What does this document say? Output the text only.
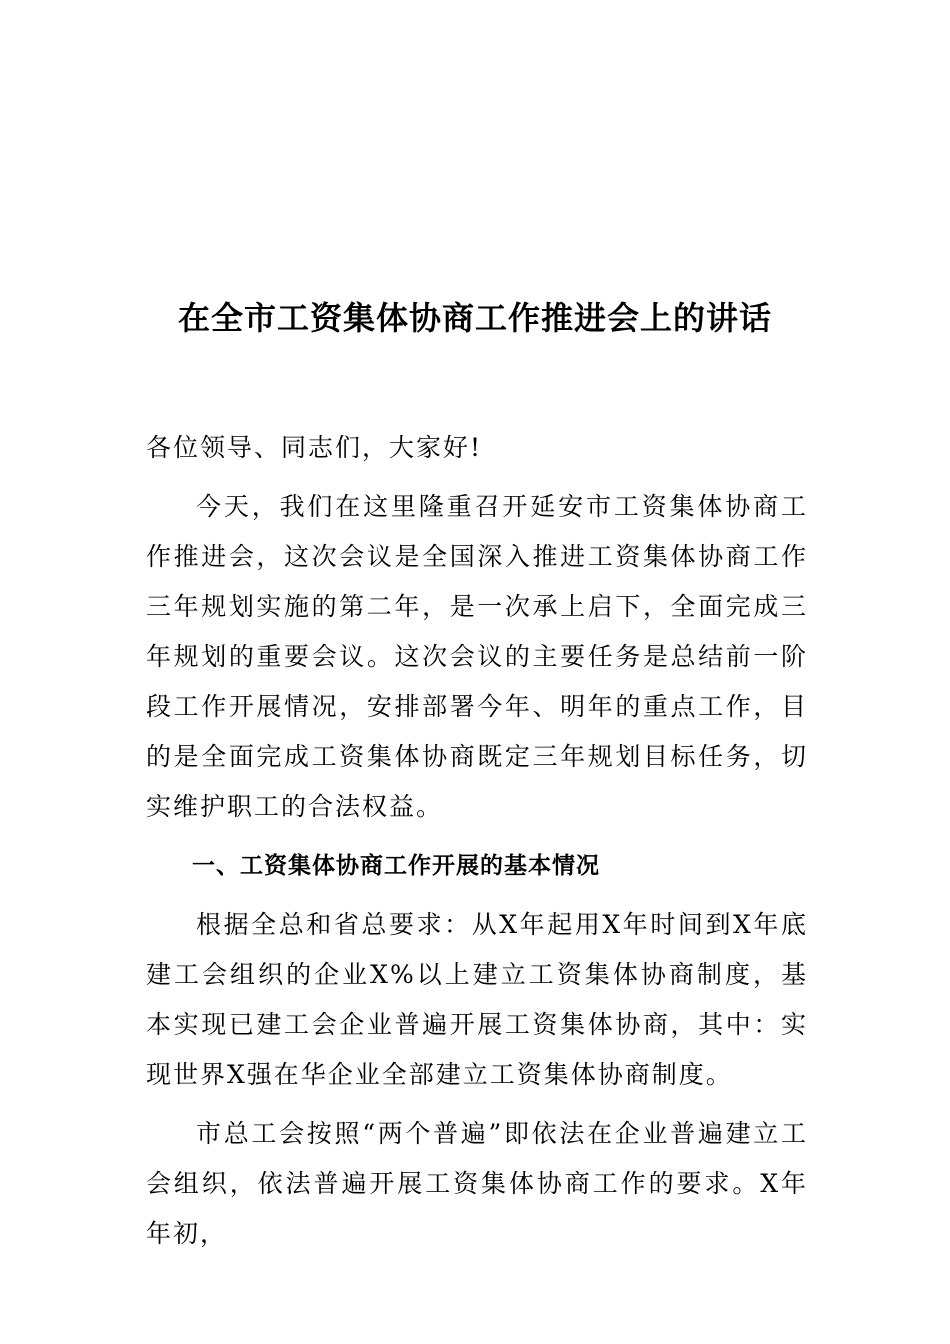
在全市工资集体协商工作推进会上的讲话

各位领导、同志们，大家好!

今天，我们在这里隆重召开延安市工资集体协商工作推进会，这次会议是全国深入推进工资集体协商工作三年规划实施的第二年，是一次承上启下，全面完成三年规划的重要会议。这次会议的主要任务是总结前一阶段工作开展情况，安排部署今年、明年的重点工作，目的是全面完成工资集体协商既定三年规划目标任务，切实维护职工的合法权益。

一、工资集体协商工作开展的基本情况

根据全总和省总要求：从X年起用X年时间到X年底建工会组织的企业X%以上建立工资集体协商制度，基本实现已建工会企业普遍开展工资集体协商，其中：实现世界X强在华企业全部建立工资集体协商制度。

市总工会按照“两个普遍”即依法在企业普遍建立工会组织，依法普遍开展工资集体协商工作的要求。X年年初，
